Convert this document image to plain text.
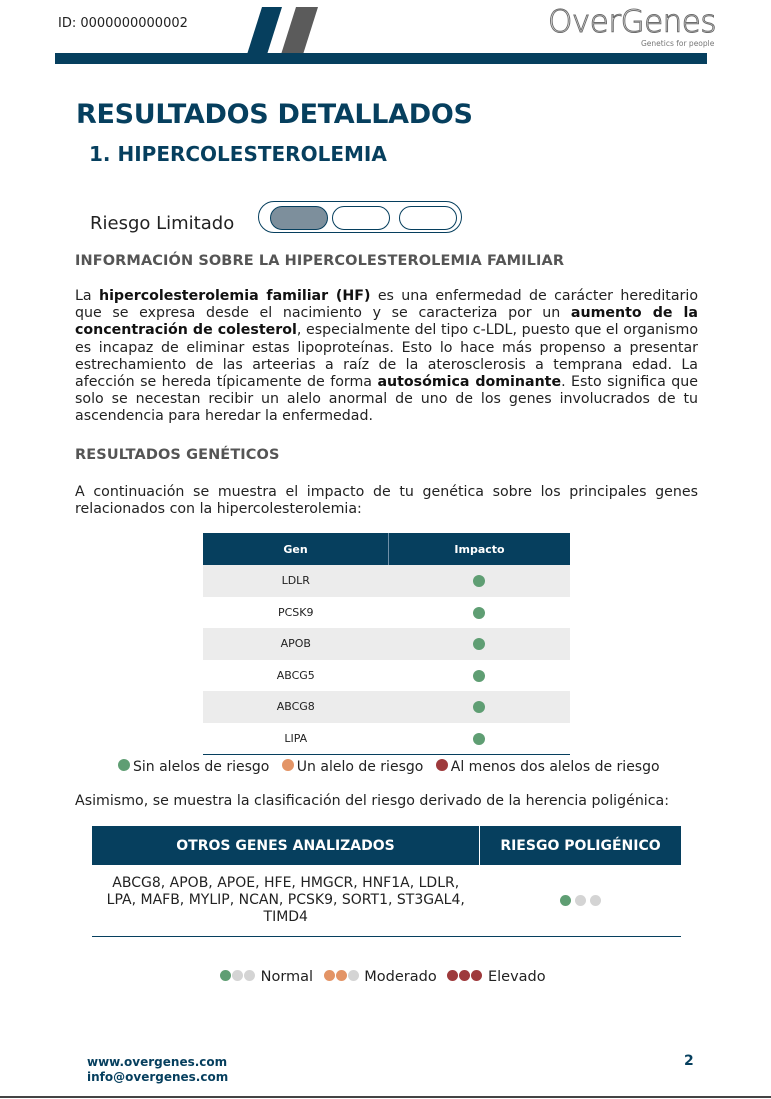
ID: 0000000000002	OverGenes
Genetics for people
RESULTADOS DETALLADOS
1. HIPERCOLESTEROLEMIA
Riesgo Limitado
INFORMACIÓN SOBRE LA HIPERCOLESTEROLEMIA FAMILIAR
La hipercolesterolemia familiar (HF) es una enfermedad de carácter hereditario que se expresa desde el nacimiento y se caracteriza por un aumento de la concentración de colesterol, especialmente del tipo c-LDL, puesto que el organismo es incapaz de eliminar estas lipoproteínas. Esto lo hace más propenso a presentar estrechamiento de las arteerias a raíz de la aterosclerosis a temprana edad. La afección se hereda típicamente de forma autosómica dominante. Esto significa que solo se necestan recibir un alelo anormal de uno de los genes involucrados de tu ascendencia para heredar la enfermedad.
RESULTADOS GENÉTICOS
A continuación se muestra el impacto de tu genética sobre los principales genes relacionados con la hipercolesterolemia:
Gen	Impacto
LDLR	
PCSK9	
APOB	
ABCG5	
ABCG8	
LIPA	
Sin alelos de riesgo Un alelo de riesgo Al menos dos alelos de riesgo
Asimismo, se muestra la clasificación del riesgo derivado de la herencia poligénica:
OTROS GENES ANALIZADOS	RIESGO POLIGÉNICO
ABCG8, APOB, APOE, HFE, HMGCR, HNF1A, LDLR,
LPA, MAFB, MYLIP, NCAN, PCSK9, SORT1, ST3GAL4,
TIMD4	
Normal	Moderado	Elevado
www.overgenes.com
info@overgenes.com
2
